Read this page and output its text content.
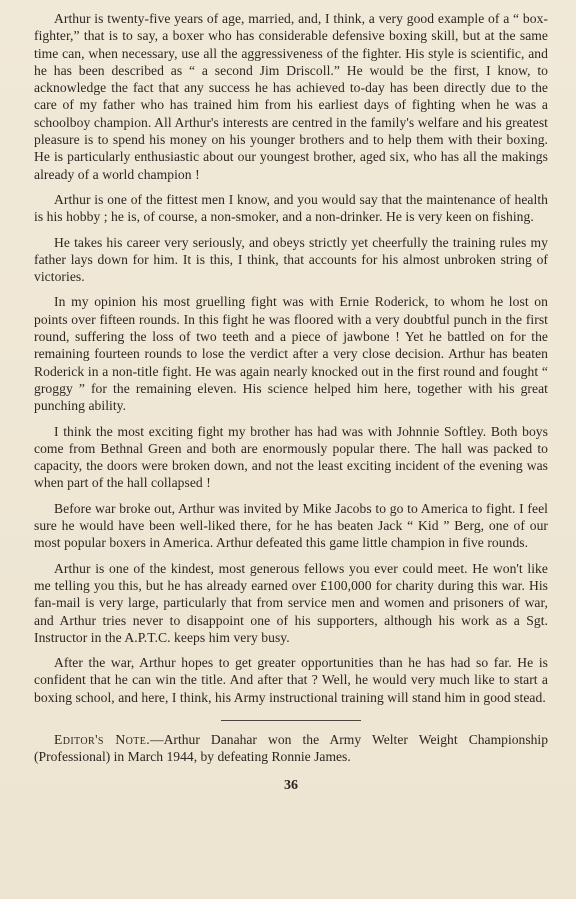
Arthur is twenty-five years of age, married, and, I think, a very good example of a “ box-fighter,” that is to say, a boxer who has considerable defensive boxing skill, but at the same time can, when necessary, use all the aggressiveness of the fighter. His style is scientific, and he has been described as “ a second Jim Driscoll.” He would be the first, I know, to acknowledge the fact that any success he has achieved to-day has been directly due to the care of my father who has trained him from his earliest days of fighting when he was a schoolboy champion. All Arthur's interests are centred in the family's welfare and his greatest pleasure is to spend his money on his younger brothers and to help them with their boxing. He is particularly enthusiastic about our youngest brother, aged six, who has all the makings already of a world champion !

Arthur is one of the fittest men I know, and you would say that the maintenance of health is his hobby ; he is, of course, a non-smoker, and a non-drinker. He is very keen on fishing.

He takes his career very seriously, and obeys strictly yet cheerfully the training rules my father lays down for him. It is this, I think, that accounts for his almost unbroken string of victories.

In my opinion his most gruelling fight was with Ernie Roderick, to whom he lost on points over fifteen rounds. In this fight he was floored with a very doubtful punch in the first round, suffering the loss of two teeth and a piece of jawbone ! Yet he battled on for the remaining fourteen rounds to lose the verdict after a very close decision. Arthur has beaten Roderick in a non-title fight. He was again nearly knocked out in the first round and fought “ groggy ” for the remaining eleven. His science helped him here, together with his great punching ability.

I think the most exciting fight my brother has had was with Johnnie Softley. Both boys come from Bethnal Green and both are enormously popular there. The hall was packed to capacity, the doors were broken down, and not the least exciting incident of the evening was when part of the hall collapsed !

Before war broke out, Arthur was invited by Mike Jacobs to go to America to fight. I feel sure he would have been well-liked there, for he has beaten Jack “ Kid ” Berg, one of our most popular boxers in America. Arthur defeated this game little champion in five rounds.

Arthur is one of the kindest, most generous fellows you ever could meet. He won't like me telling you this, but he has already earned over £100,000 for charity during this war. His fan-mail is very large, particularly that from service men and women and prisoners of war, and Arthur tries never to disappoint one of his supporters, although his work as a Sgt. Instructor in the A.P.T.C. keeps him very busy.

After the war, Arthur hopes to get greater opportunities than he has had so far. He is confident that he can win the title. And after that ? Well, he would very much like to start a boxing school, and here, I think, his Army instructional training will stand him in good stead.

Editor's Note.—Arthur Danahar won the Army Welter Weight Championship (Professional) in March 1944, by defeating Ronnie James.

36
